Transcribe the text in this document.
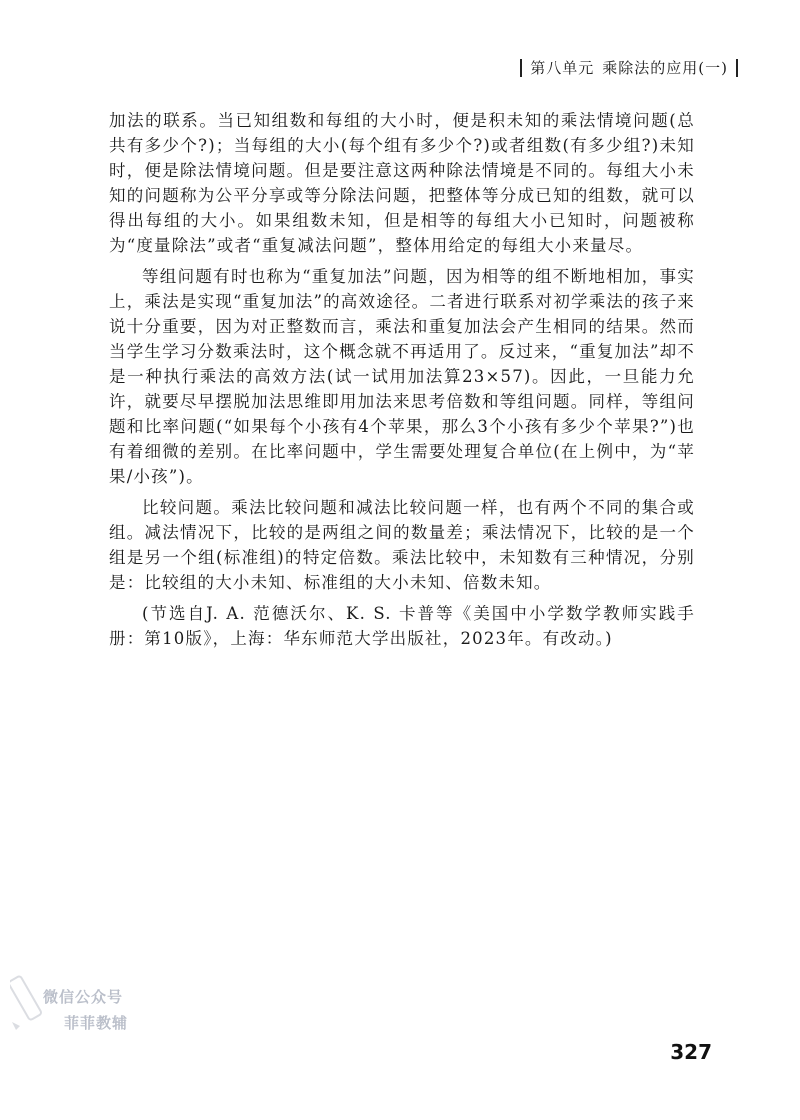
第八单元 乘除法的应用(一)

加法的联系。当已知组数和每组的大小时，便是积未知的乘法情境问题(总共有多少个?)；当每组的大小(每个组有多少个?)或者组数(有多少组?)未知时，便是除法情境问题。但是要注意这两种除法情境是不同的。每组大小未知的问题称为公平分享或等分除法问题，把整体等分成已知的组数，就可以得出每组的大小。如果组数未知，但是相等的每组大小已知时，问题被称为“度量除法”或者“重复减法问题”，整体用给定的每组大小来量尽。

等组问题有时也称为“重复加法”问题，因为相等的组不断地相加，事实上，乘法是实现“重复加法”的高效途径。二者进行联系对初学乘法的孩子来说十分重要，因为对正整数而言，乘法和重复加法会产生相同的结果。然而当学生学习分数乘法时，这个概念就不再适用了。反过来，“重复加法”却不是一种执行乘法的高效方法(试一试用加法算23×57)。因此，一旦能力允许，就要尽早摆脱加法思维即用加法来思考倍数和等组问题。同样，等组问题和比率问题(“如果每个小孩有4个苹果，那么3个小孩有多少个苹果?”)也有着细微的差别。在比率问题中，学生需要处理复合单位(在上例中，为“苹果/小孩”)。

比较问题。乘法比较问题和减法比较问题一样，也有两个不同的集合或组。减法情况下，比较的是两组之间的数量差；乘法情况下，比较的是一个组是另一个组(标准组)的特定倍数。乘法比较中，未知数有三种情况，分别是：比较组的大小未知、标准组的大小未知、倍数未知。

(节选自J. A. 范德沃尔、K. S. 卡普等《美国中小学数学教师实践手册：第10版》，上海：华东师范大学出版社，2023年。有改动。)

微信公众号
菲菲教辅
327
